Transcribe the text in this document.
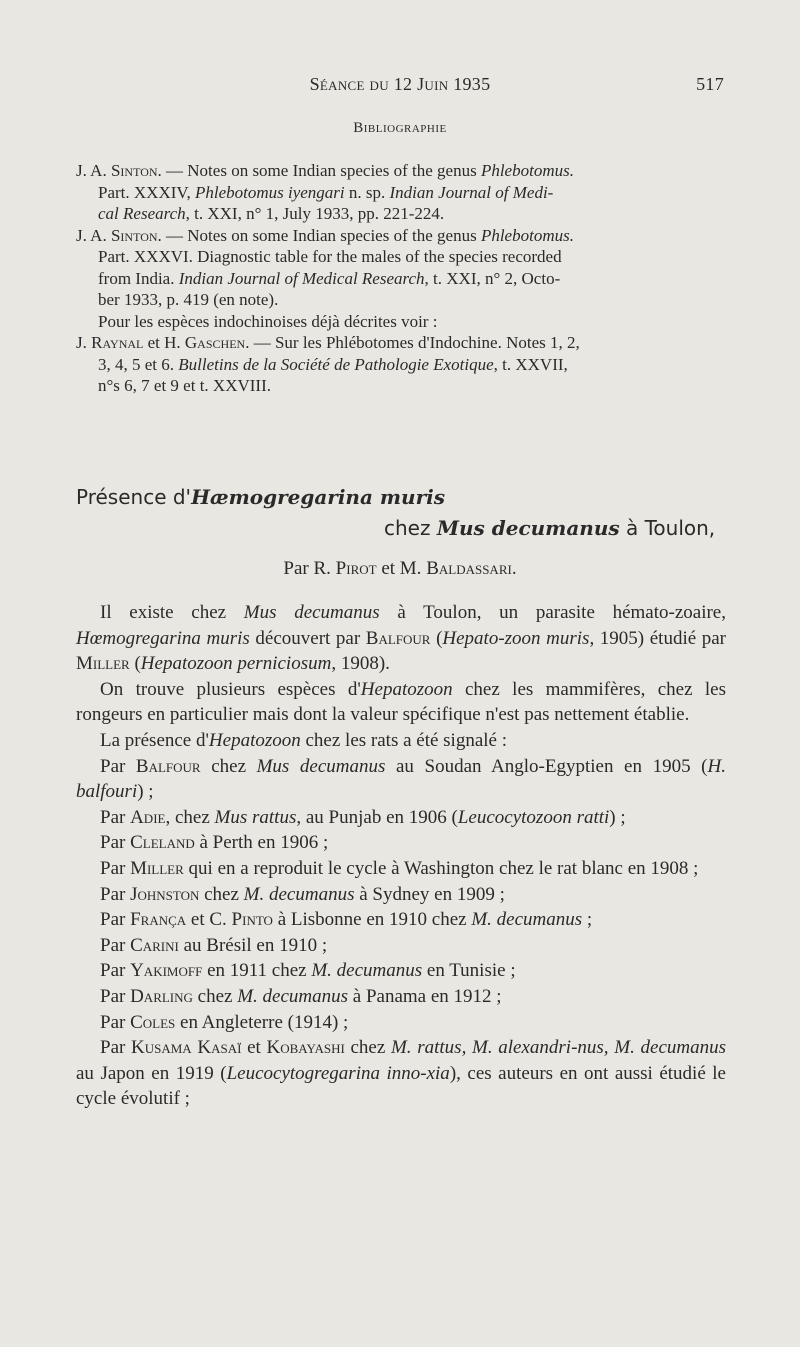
Séance du 12 Juin 1935	517
Bibliographie
J. A. Sinton. — Notes on some Indian species of the genus Phlebotomus.
Part. XXXIV, Phlebotomus iyengari n. sp. Indian Journal of Medi-
cal Research, t. XXI, n° 1, July 1933, pp. 221-224.
J. A. Sinton. — Notes on some Indian species of the genus Phlebotomus.
Part. XXXVI. Diagnostic table for the males of the species recorded
from India. Indian Journal of Medical Research, t. XXI, n° 2, Octo-
ber 1933, p. 419 (en note).
Pour les espèces indochinoises déjà décrites voir :
J. Raynal et H. Gaschen. — Sur les Phlébotomes d'Indochine. Notes 1, 2,
3, 4, 5 et 6. Bulletins de la Société de Pathologie Exotique, t. XXVII,
n°s 6, 7 et 9 et t. XXVIII.
Présence d'Hæmogregarina muris
chez Mus decumanus à Toulon,
Par R. Pirot et M. Baldassari.

Il existe chez Mus decumanus à Toulon, un parasite hémato-zoaire, Hœmogregarina muris découvert par Balfour (Hepato-zoon muris, 1905) étudié par Miller (Hepatozoon perniciosum, 1908).

On trouve plusieurs espèces d'Hepatozoon chez les mammifères, chez les rongeurs en particulier mais dont la valeur spécifique n'est pas nettement établie.

La présence d'Hepatozoon chez les rats a été signalé :

Par Balfour chez Mus decumanus au Soudan Anglo-Egyptien en 1905 (H. balfouri) ;

Par Adie, chez Mus rattus, au Punjab en 1906 (Leucocytozoon ratti) ;

Par Cleland à Perth en 1906 ;

Par Miller qui en a reproduit le cycle à Washington chez le rat blanc en 1908 ;

Par Johnston chez M. decumanus à Sydney en 1909 ;

Par França et C. Pinto à Lisbonne en 1910 chez M. decumanus ;

Par Carini au Brésil en 1910 ;

Par Yakimoff en 1911 chez M. decumanus en Tunisie ;

Par Darling chez M. decumanus à Panama en 1912 ;

Par Coles en Angleterre (1914) ;

Par Kusama Kasaï et Kobayashi chez M. rattus, M. alexandri-nus, M. decumanus au Japon en 1919 (Leucocytogregarina inno-xia), ces auteurs en ont aussi étudié le cycle évolutif ;
